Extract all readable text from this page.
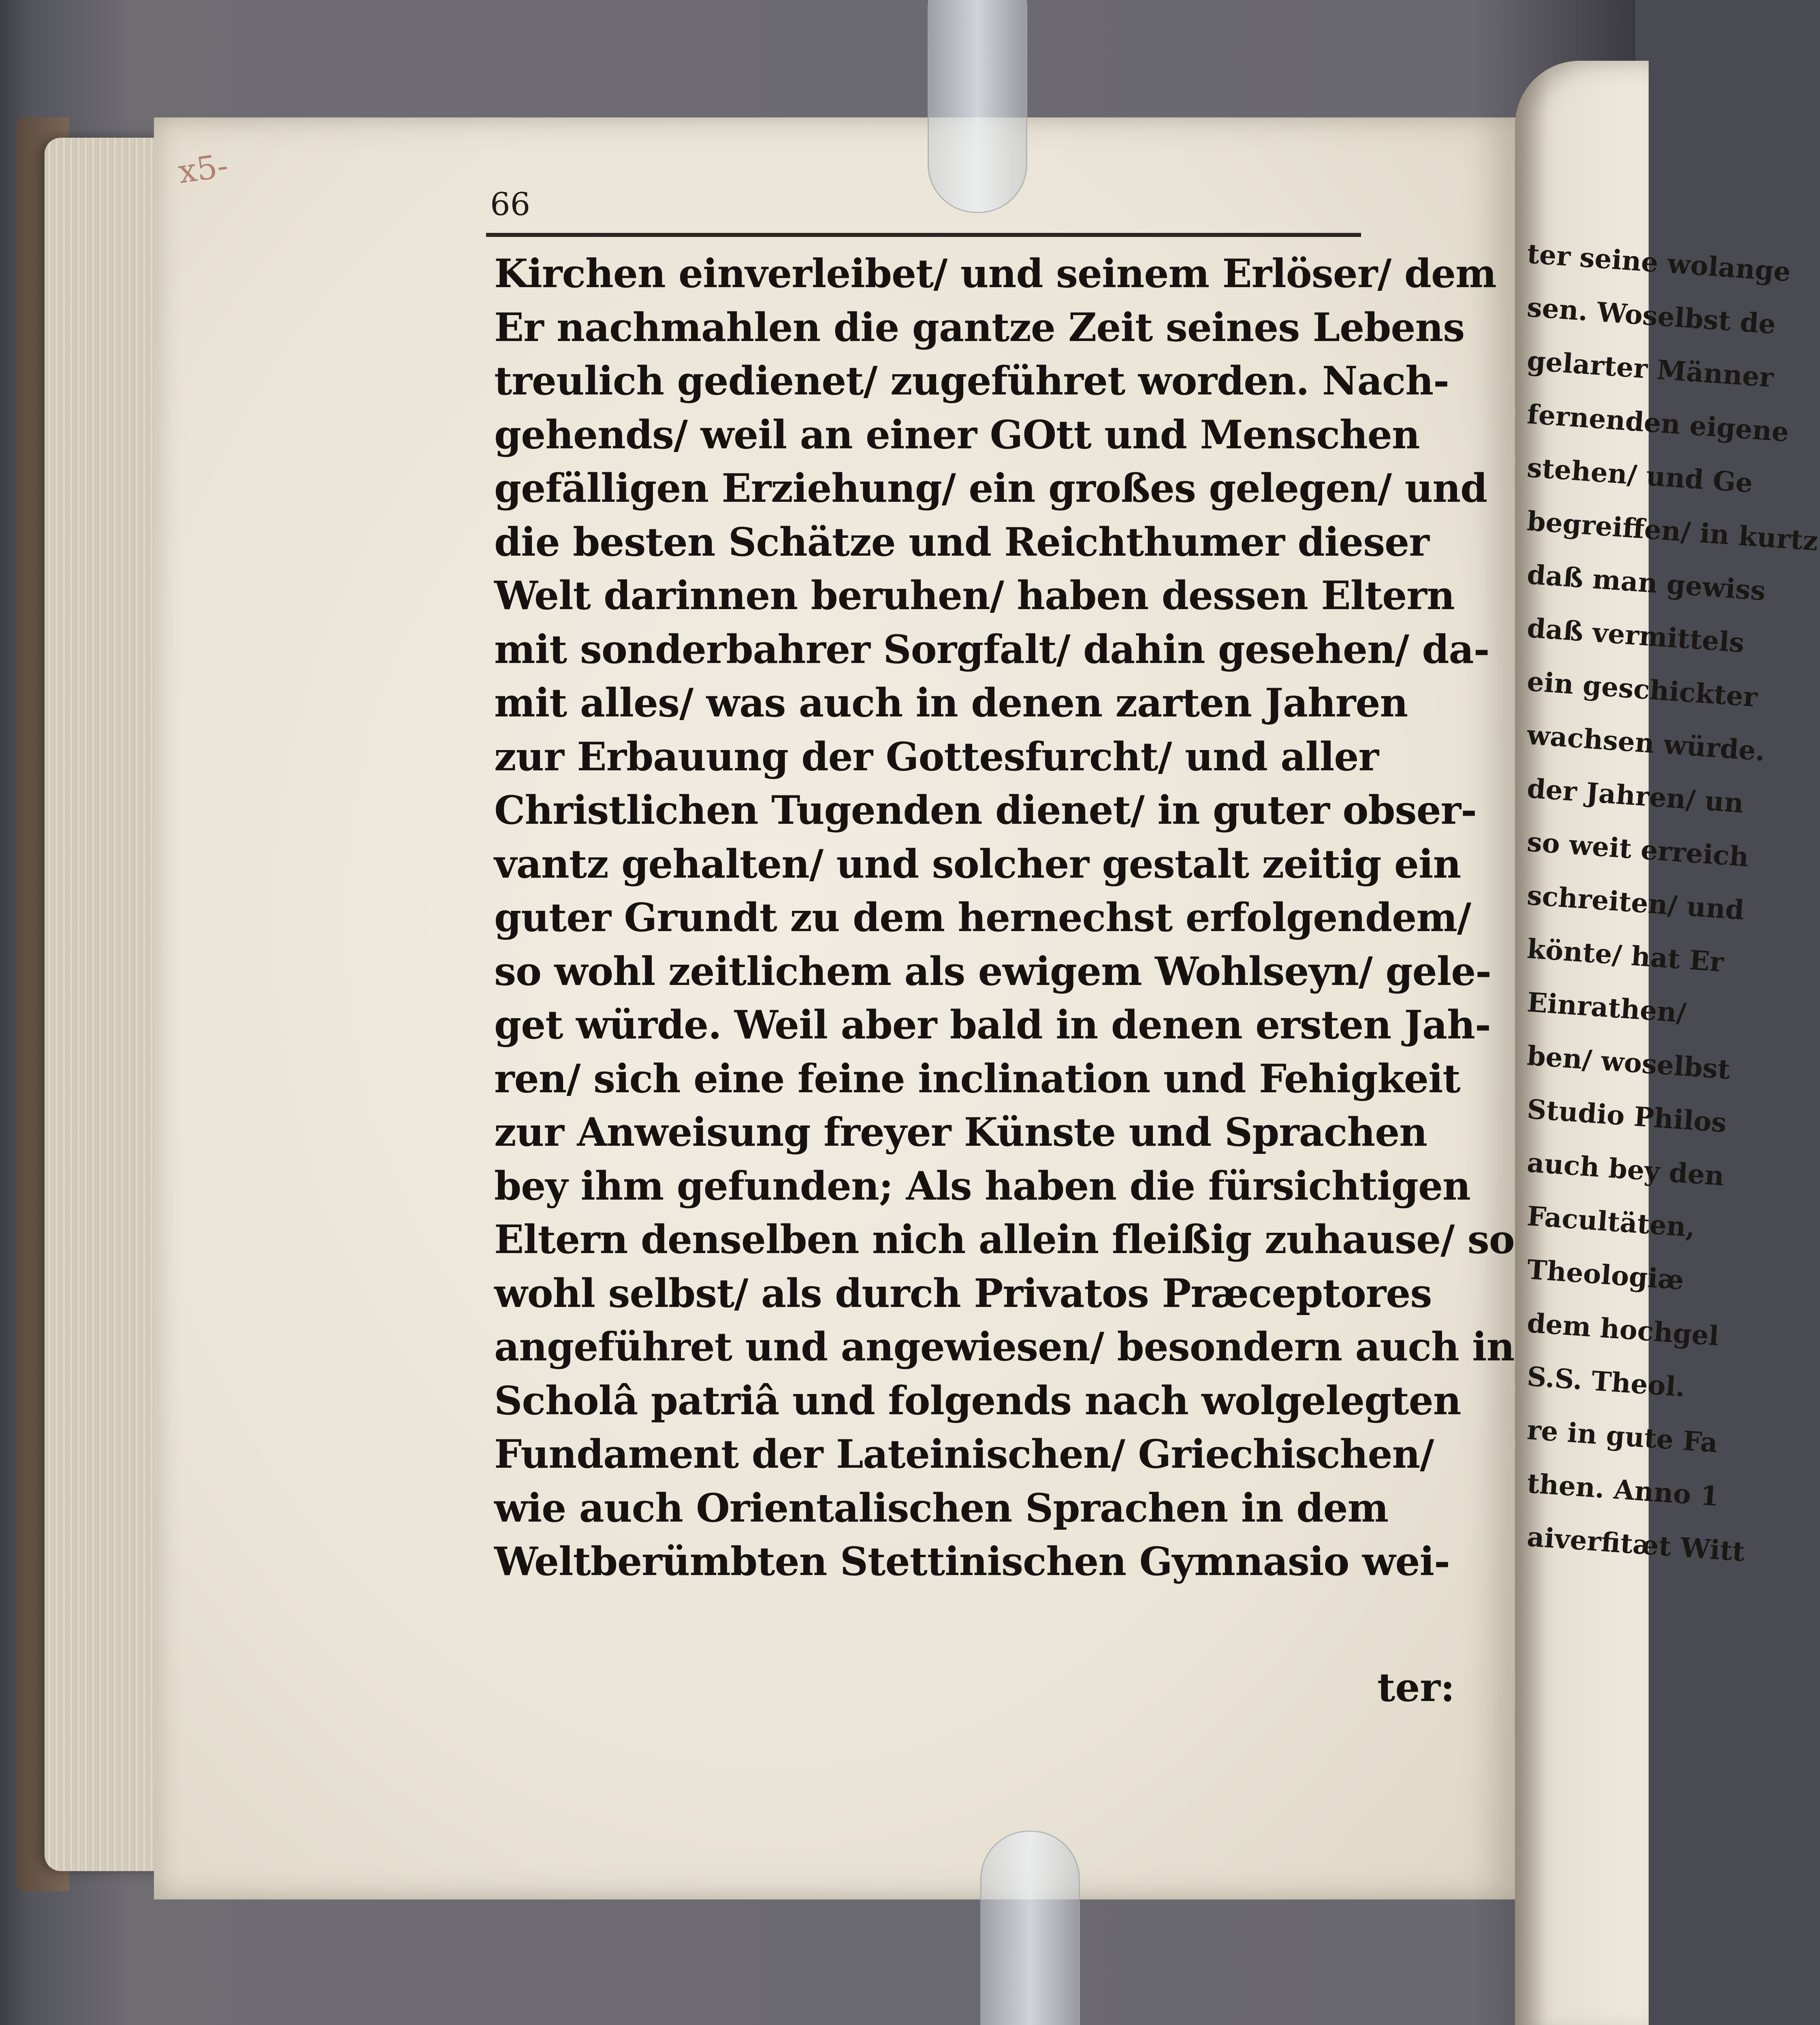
ter seine wolange
sen. Woselbst de
gelarter Männer
fernenden eigene
stehen/ und Ge
begreiffen/ in kurtz
daß man gewiss
daß vermittels
ein geschickter
wachsen würde.
der Jahren/ un
so weit erreich
schreiten/ und
könte/ hat Er
Einrathen/
ben/ woselbst
Studio Philos
auch bey den
Facultäten,
Theologiæ
dem hochgel
S.S. Theol.
re in gute Fa
then. Anno 1
aiverfitæt Witt
x5-
66
Kirchen einverleibet/ und seinem Erlöser/ dem
Er nachmahlen die gantze Zeit seines Lebens
treulich gedienet/ zugeführet worden. Nach-
gehends/ weil an einer GOtt und Menschen
gefälligen Erziehung/ ein großes gelegen/ und
die besten Schätze und Reichthumer dieser
Welt darinnen beruhen/ haben dessen Eltern
mit sonderbahrer Sorgfalt/ dahin gesehen/ da-
mit alles/ was auch in denen zarten Jahren
zur Erbauung der Gottesfurcht/ und aller
Christlichen Tugenden dienet/ in guter obser-
vantz gehalten/ und solcher gestalt zeitig ein
guter Grundt zu dem hernechst erfolgendem/
so wohl zeitlichem als ewigem Wohlseyn/ gele-
get würde. Weil aber bald in denen ersten Jah-
ren/ sich eine feine inclination und Fehigkeit
zur Anweisung freyer Künste und Sprachen
bey ihm gefunden; Als haben die fürsichtigen
Eltern denselben nich allein fleißig zuhause/ so
wohl selbst/ als durch Privatos Præceptores
angeführet und angewiesen/ besondern auch in
Scholâ patriâ und folgends nach wolgelegten
Fundament der Lateinischen/ Griechischen/
wie auch Orientalischen Sprachen in dem
Weltberümbten Stettinischen Gymnasio wei-
ter:
